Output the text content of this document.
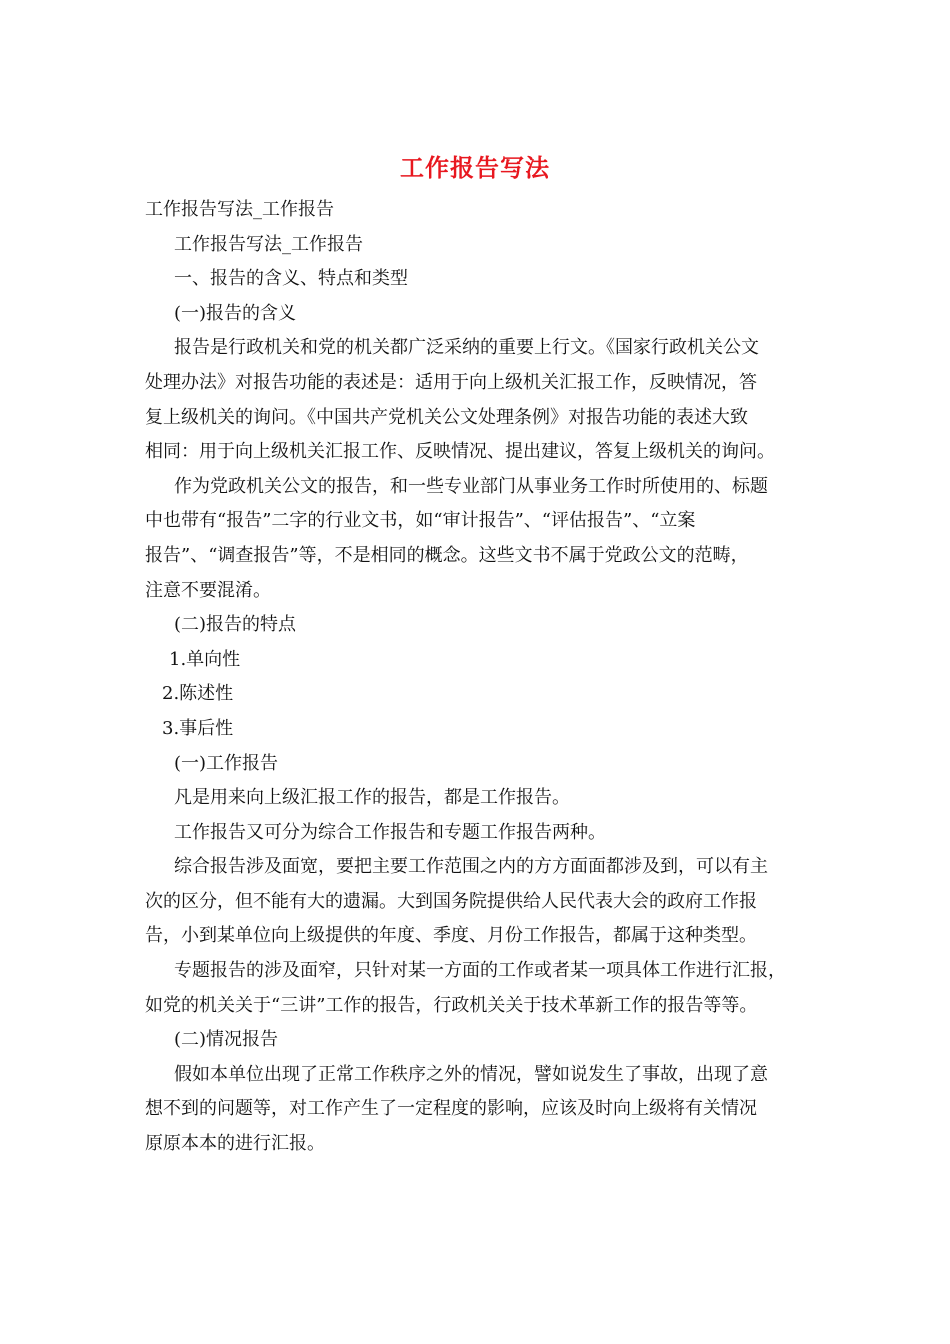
工作报告写法

工作报告写法_工作报告

工作报告写法_工作报告

一、报告的含义、特点和类型

(一)报告的含义

报告是行政机关和党的机关都广泛采纳的重要上行文。《国家行政机关公文

处理办法》对报告功能的表述是：适用于向上级机关汇报工作，反映情况，答

复上级机关的询问。《中国共产党机关公文处理条例》对报告功能的表述大致

相同：用于向上级机关汇报工作、反映情况、提出建议，答复上级机关的询问。

作为党政机关公文的报告，和一些专业部门从事业务工作时所使用的、标题

中也带有“报告”二字的行业文书，如“审计报告”、“评估报告”、“立案

报告”、“调查报告”等，不是相同的概念。这些文书不属于党政公文的范畴，

注意不要混淆。

(二)报告的特点

1.单向性

2.陈述性

3.事后性

(一)工作报告

凡是用来向上级汇报工作的报告，都是工作报告。

工作报告又可分为综合工作报告和专题工作报告两种。

综合报告涉及面宽，要把主要工作范围之内的方方面面都涉及到，可以有主

次的区分，但不能有大的遗漏。大到国务院提供给人民代表大会的政府工作报

告，小到某单位向上级提供的年度、季度、月份工作报告，都属于这种类型。

专题报告的涉及面窄，只针对某一方面的工作或者某一项具体工作进行汇报，

如党的机关关于“三讲”工作的报告，行政机关关于技术革新工作的报告等等。

(二)情况报告

假如本单位出现了正常工作秩序之外的情况，譬如说发生了事故，出现了意

想不到的问题等，对工作产生了一定程度的影响，应该及时向上级将有关情况

原原本本的进行汇报。
